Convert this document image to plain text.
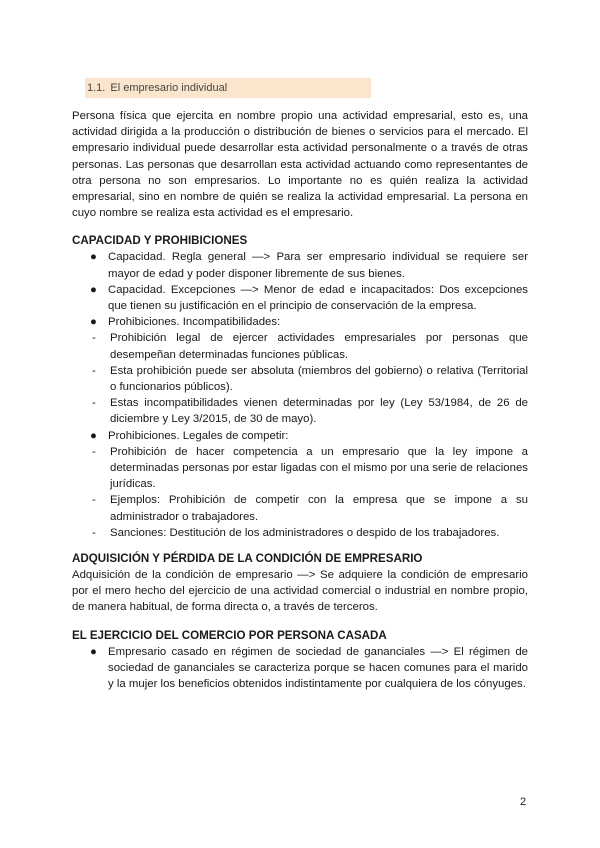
1.1. El empresario individual

Persona física que ejercita en nombre propio una actividad empresarial, esto es, una actividad dirigida a la producción o distribución de bienes o servicios para el mercado. El empresario individual puede desarrollar esta actividad personalmente o a través de otras personas. Las personas que desarrollan esta actividad actuando como representantes de otra persona no son empresarios. Lo importante no es quién realiza la actividad empresarial, sino en nombre de quién se realiza la actividad empresarial. La persona en cuyo nombre se realiza esta actividad es el empresario.

CAPACIDAD Y PROHIBICIONES
● Capacidad. Regla general —> Para ser empresario individual se requiere ser mayor de edad y poder disponer libremente de sus bienes.
● Capacidad. Excepciones —> Menor de edad e incapacitados: Dos excepciones que tienen su justificación en el principio de conservación de la empresa.
● Prohibiciones. Incompatibilidades:
- Prohibición legal de ejercer actividades empresariales por personas que desempeñan determinadas funciones públicas.
- Esta prohibición puede ser absoluta (miembros del gobierno) o relativa (Territorial o funcionarios públicos).
- Estas incompatibilidades vienen determinadas por ley (Ley 53/1984, de 26 de diciembre y Ley 3/2015, de 30 de mayo).
● Prohibiciones. Legales de competir:
- Prohibición de hacer competencia a un empresario que la ley impone a determinadas personas por estar ligadas con el mismo por una serie de relaciones jurídicas.
- Ejemplos: Prohibición de competir con la empresa que se impone a su administrador o trabajadores.
- Sanciones: Destitución de los administradores o despido de los trabajadores.
ADQUISICIÓN Y PÉRDIDA DE LA CONDICIÓN DE EMPRESARIO

Adquisición de la condición de empresario —> Se adquiere la condición de empresario por el mero hecho del ejercicio de una actividad comercial o industrial en nombre propio, de manera habitual, de forma directa o, a través de terceros.

EL EJERCICIO DEL COMERCIO POR PERSONA CASADA
● Empresario casado en régimen de sociedad de gananciales —> El régimen de sociedad de gananciales se caracteriza porque se hacen comunes para el marido y la mujer los beneficios obtenidos indistintamente por cualquiera de los cónyuges.
2
